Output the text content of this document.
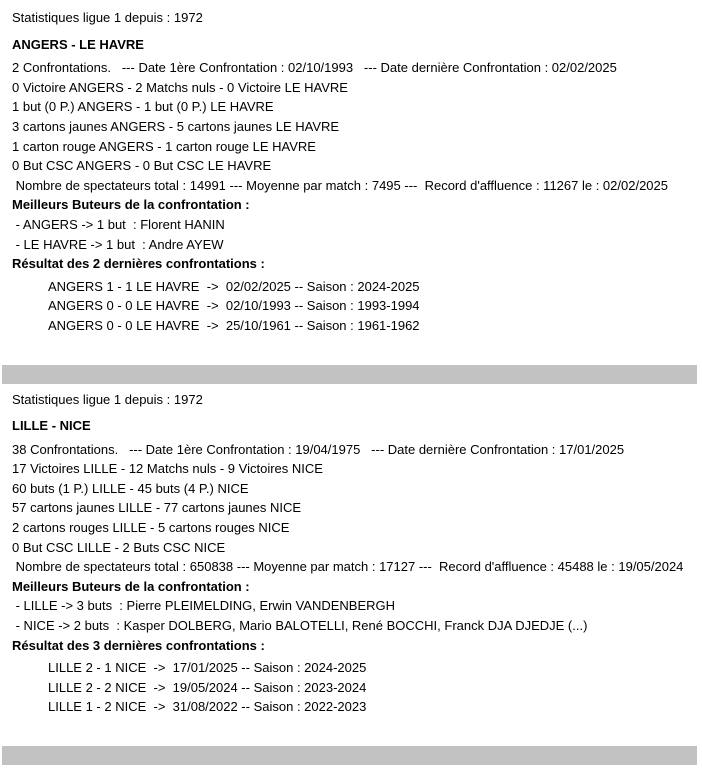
Statistiques ligue 1 depuis : 1972
ANGERS - LE HAVRE
2 Confrontations.   --- Date 1ère Confrontation : 02/10/1993   --- Date dernière Confrontation : 02/02/2025
0 Victoire ANGERS - 2 Matchs nuls - 0 Victoire LE HAVRE
1 but (0 P.) ANGERS - 1 but (0 P.) LE HAVRE
3 cartons jaunes ANGERS - 5 cartons jaunes LE HAVRE
1 carton rouge ANGERS - 1 carton rouge LE HAVRE
0 But CSC ANGERS - 0 But CSC LE HAVRE
Nombre de spectateurs total : 14991 --- Moyenne par match : 7495 ---  Record d'affluence : 11267 le : 02/02/2025
Meilleurs Buteurs de la confrontation :
- ANGERS -> 1 but  : Florent HANIN
- LE HAVRE -> 1 but  : Andre AYEW
Résultat des 2 dernières confrontations :
ANGERS 1 - 1 LE HAVRE  ->  02/02/2025 -- Saison : 2024-2025
ANGERS 0 - 0 LE HAVRE  ->  02/10/1993 -- Saison : 1993-1994
ANGERS 0 - 0 LE HAVRE  ->  25/10/1961 -- Saison : 1961-1962
Statistiques ligue 1 depuis : 1972
LILLE - NICE
38 Confrontations.   --- Date 1ère Confrontation : 19/04/1975   --- Date dernière Confrontation : 17/01/2025
17 Victoires LILLE - 12 Matchs nuls - 9 Victoires NICE
60 buts (1 P.) LILLE - 45 buts (4 P.) NICE
57 cartons jaunes LILLE - 77 cartons jaunes NICE
2 cartons rouges LILLE - 5 cartons rouges NICE
0 But CSC LILLE - 2 Buts CSC NICE
Nombre de spectateurs total : 650838 --- Moyenne par match : 17127 ---  Record d'affluence : 45488 le : 19/05/2024
Meilleurs Buteurs de la confrontation :
- LILLE -> 3 buts  : Pierre PLEIMELDING, Erwin VANDENBERGH
- NICE -> 2 buts  : Kasper DOLBERG, Mario BALOTELLI, René BOCCHI, Franck DJA DJEDJE (...)
Résultat des 3 dernières confrontations :
LILLE 2 - 1 NICE  ->  17/01/2025 -- Saison : 2024-2025
LILLE 2 - 2 NICE  ->  19/05/2024 -- Saison : 2023-2024
LILLE 1 - 2 NICE  ->  31/08/2022 -- Saison : 2022-2023
